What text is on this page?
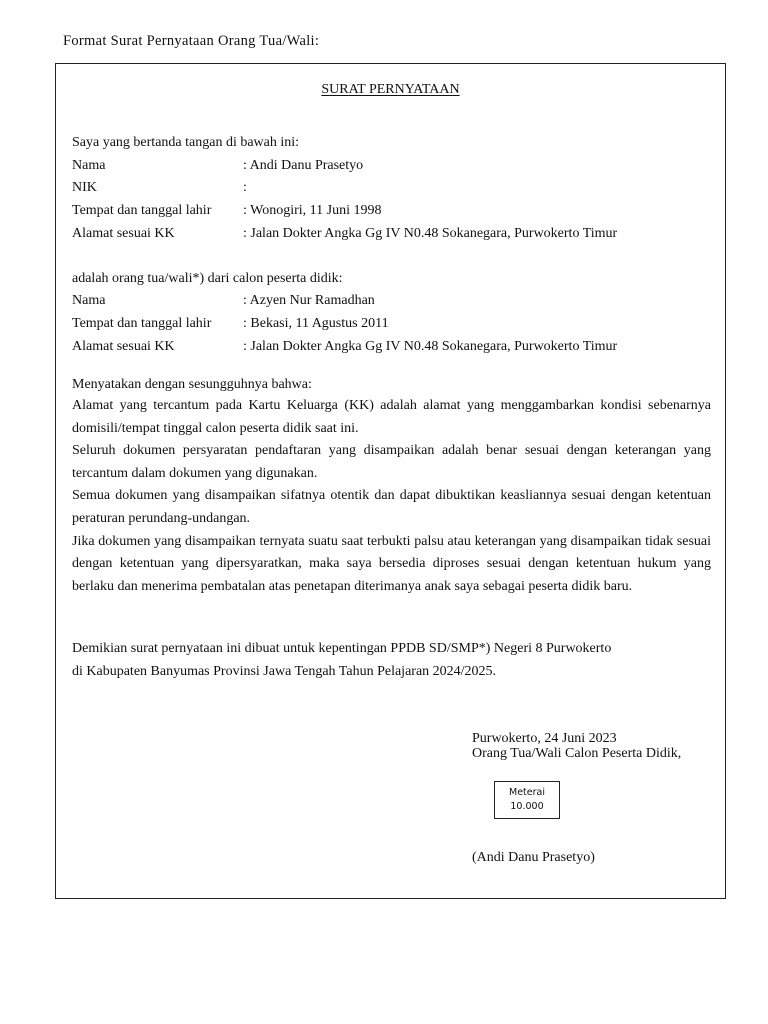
Format Surat Pernyataan Orang Tua/Wali:
SURAT PERNYATAAN
Saya yang bertanda tangan di bawah ini:
Nama	: Andi Danu Prasetyo
NIK	:
Tempat dan tanggal lahir : Wonogiri, 11 Juni 1998
Alamat sesuai KK	: Jalan Dokter Angka Gg IV N0.48 Sokanegara, Purwokerto Timur
adalah orang tua/wali*) dari calon peserta didik:
Nama	: Azyen Nur Ramadhan
Tempat dan tanggal lahir : Bekasi, 11 Agustus 2011
Alamat sesuai KK	: Jalan Dokter Angka Gg IV N0.48 Sokanegara, Purwokerto Timur
Menyatakan dengan sesungguhnya bahwa:
Alamat yang tercantum pada Kartu Keluarga (KK) adalah alamat yang menggambarkan kondisi sebenarnya domisili/tempat tinggal calon peserta didik saat ini.
Seluruh dokumen persyaratan pendaftaran yang disampaikan adalah benar sesuai dengan keterangan yang tercantum dalam dokumen yang digunakan.
Semua dokumen yang disampaikan sifatnya otentik dan dapat dibuktikan keasliannya sesuai dengan ketentuan peraturan perundang-undangan.
Jika dokumen yang disampaikan ternyata suatu saat terbukti palsu atau keterangan yang disampaikan tidak sesuai dengan ketentuan yang dipersyaratkan, maka saya bersedia diproses sesuai dengan ketentuan hukum yang berlaku dan menerima pembatalan atas penetapan diterimanya anak saya sebagai peserta didik baru.
Demikian surat pernyataan ini dibuat untuk kepentingan PPDB SD/SMP*) Negeri 8 Purwokerto
di Kabupaten Banyumas Provinsi Jawa Tengah Tahun Pelajaran 2024/2025.
Purwokerto, 24 Juni 2023
Orang Tua/Wali Calon Peserta Didik,
Meterai
10.000
(Andi Danu Prasetyo)
